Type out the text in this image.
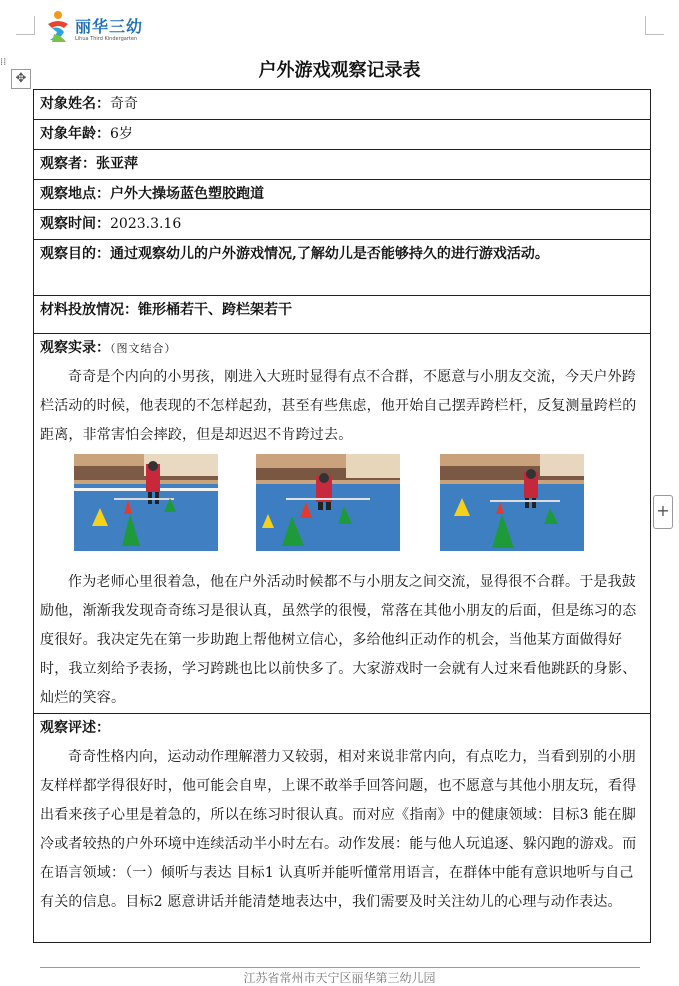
丽华三幼
Lihua Third Kindergarten
⁞⁞
✥
+
户外游戏观察记录表
对象姓名：奇奇

对象年龄：6岁

观察者：张亚萍

观察地点：户外大操场蓝色塑胶跑道

观察时间：2023.3.16

观察目的：通过观察幼儿的户外游戏情况,了解幼儿是否能够持久的进行游戏活动。

材料投放情况：锥形桶若干、跨栏架若干

观察实录：（图文结合）

奇奇是个内向的小男孩，刚进入大班时显得有点不合群，不愿意与小朋友交流，今天户外跨栏活动的时候，他表现的不怎样起劲，甚至有些焦虑，他开始自己摆弄跨栏杆，反复测量跨栏的距离，非常害怕会摔跤，但是却迟迟不肯跨过去。

作为老师心里很着急，他在户外活动时候都不与小朋友之间交流，显得很不合群。于是我鼓励他，渐渐我发现奇奇练习是很认真，虽然学的很慢，常落在其他小朋友的后面，但是练习的态度很好。我决定先在第一步助跑上帮他树立信心，多给他纠正动作的机会，当他某方面做得好时，我立刻给予表扬，学习跨跳也比以前快多了。大家游戏时一会就有人过来看他跳跃的身影、灿烂的笑容。

观察评述：

奇奇性格内向，运动动作理解潜力又较弱，相对来说非常内向，有点吃力，当看到别的小朋友样样都学得很好时，他可能会自卑，上课不敢举手回答问题，也不愿意与其他小朋友玩，看得出看来孩子心里是着急的，所以在练习时很认真。而对应《指南》中的健康领域：目标3 能在脚冷或者较热的户外环境中连续活动半小时左右。动作发展：能与他人玩追逐、躲闪跑的游戏。而在语言领域：（一）倾听与表达 目标1 认真听并能听懂常用语言，在群体中能有意识地听与自己有关的信息。目标2 愿意讲话并能清楚地表达中，我们需要及时关注幼儿的心理与动作表达。

江苏省常州市天宁区丽华第三幼儿园
